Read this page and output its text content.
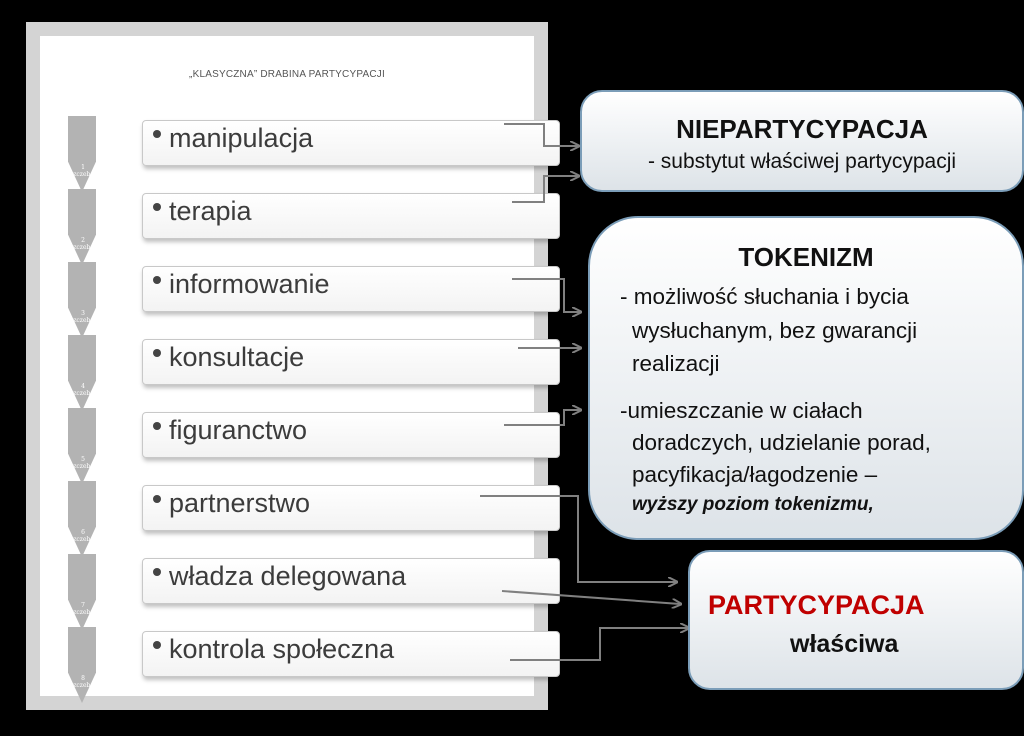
„KLASYCZNA” DRABINA PARTYCYPACJI
1 szczebel
manipulacja
2 szczebel
terapia
3 szczebel
informowanie
4 szczebel
konsultacje
5 szczebel
figuranctwo
6 szczebel
partnerstwo
7 szczebel
władza delegowana
8 szczebel
kontrola społeczna
NIEPARTYCYPACJA
- substytut właściwej partycypacji
TOKENIZM
- możliwość słuchania i bycia
wysłuchanym, bez gwarancji
realizacji
-umieszczanie w ciałach
doradczych, udzielanie porad,
pacyfikacja/łagodzenie –
wyższy poziom tokenizmu,
PARTYCYPACJA
właściwa
